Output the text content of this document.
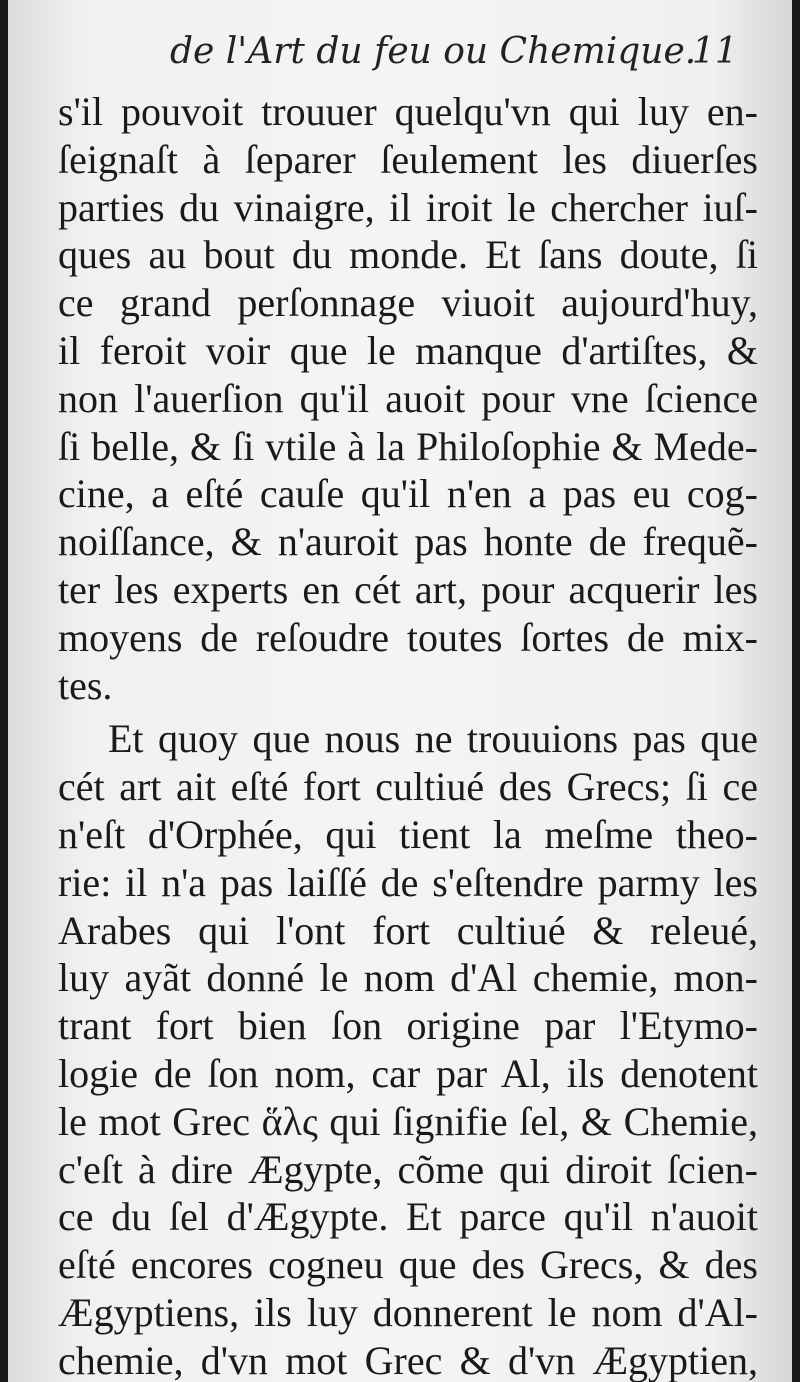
de l'Art du feu ou Chemique.
11
s'il pouvoit trouuer quelqu'vn qui luy en-
ſeignaſt à ſeparer ſeulement les diuerſes
parties du vinaigre, il iroit le chercher iuſ-
ques au bout du monde. Et ſans doute, ſi
ce grand perſonnage viuoit aujourd'huy,
il feroit voir que le manque d'artiſtes, &
non l'auerſion qu'il auoit pour vne ſcience
ſi belle, & ſi vtile à la Philoſophie & Mede-
cine, a eſté cauſe qu'il n'en a pas eu cog-
noiſſance, & n'auroit pas honte de frequẽ-
ter les experts en cét art, pour acquerir les
moyens de reſoudre toutes ſortes de mix-
tes.
Et quoy que nous ne trouuions pas que
cét art ait eſté fort cultiué des Grecs; ſi ce
n'eſt d'Orphée, qui tient la meſme theo-
rie: il n'a pas laiſſé de s'eſtendre parmy les
Arabes qui l'ont fort cultiué & releué,
luy ayãt donné le nom d'Al chemie, mon-
trant fort bien ſon origine par l'Etymo-
logie de ſon nom, car par Al, ils denotent
le mot Grec ἅλς qui ſignifie ſel, & Chemie,
c'eſt à dire Ægypte, cõme qui diroit ſcien-
ce du ſel d'Ægypte. Et parce qu'il n'auoit
eſté encores cogneu que des Grecs, & des
Ægyptiens, ils luy donnerent le nom d'Al-
chemie, d'vn mot Grec & d'vn Ægyptien,
